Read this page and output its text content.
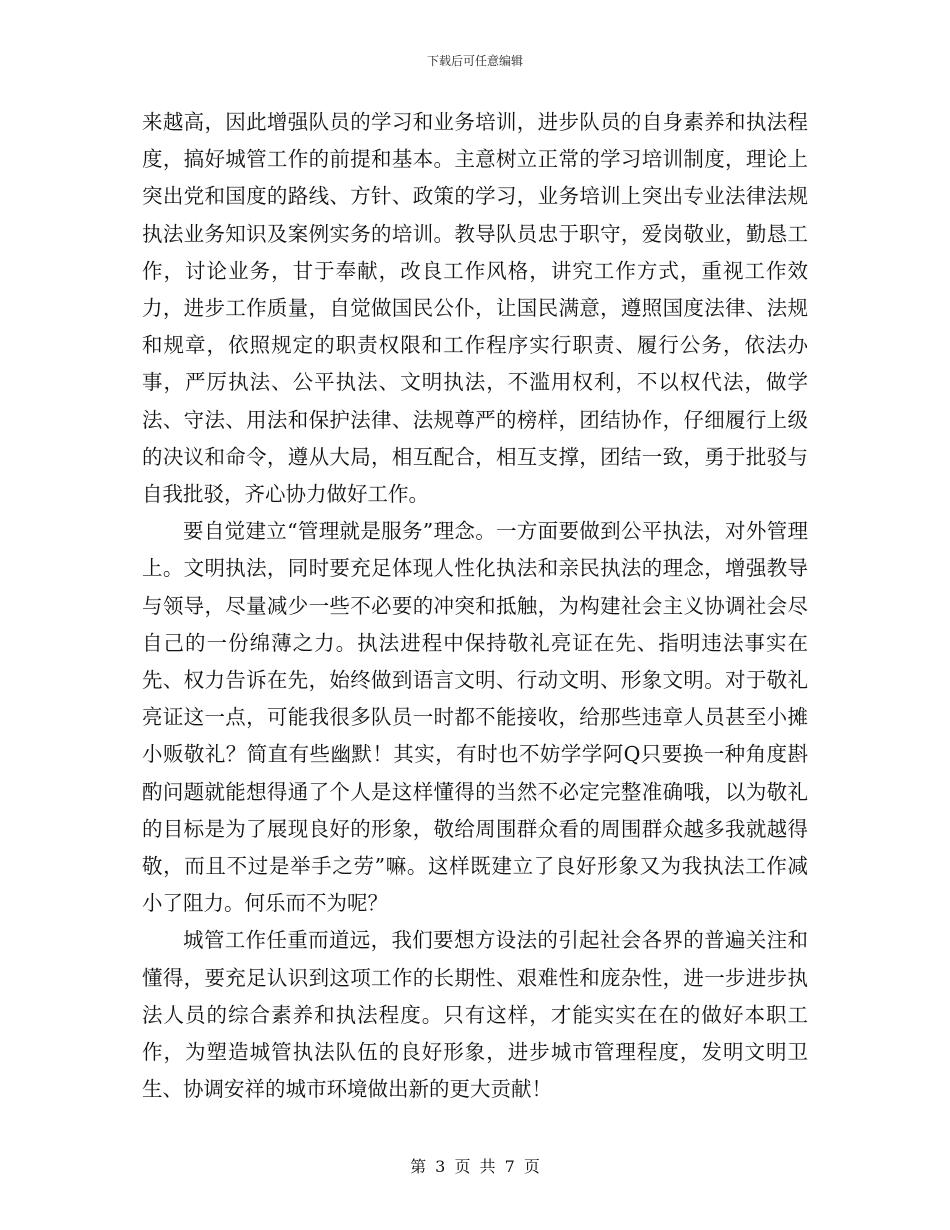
下载后可任意编辑

来越高，因此增强队员的学习和业务培训，进步队员的自身素养和执法程度，搞好城管工作的前提和基本。主意树立正常的学习培训制度，理论上突出党和国度的路线、方针、政策的学习，业务培训上突出专业法律法规执法业务知识及案例实务的培训。教导队员忠于职守，爱岗敬业，勤恳工作，讨论业务，甘于奉献，改良工作风格，讲究工作方式，重视工作效力，进步工作质量，自觉做国民公仆，让国民满意，遵照国度法律、法规和规章，依照规定的职责权限和工作程序实行职责、履行公务，依法办事，严厉执法、公平执法、文明执法，不滥用权利，不以权代法，做学法、守法、用法和保护法律、法规尊严的榜样，团结协作，仔细履行上级的决议和命令，遵从大局，相互配合，相互支撑，团结一致，勇于批驳与自我批驳，齐心协力做好工作。

要自觉建立“管理就是服务”理念。一方面要做到公平执法，对外管理上。文明执法，同时要充足体现人性化执法和亲民执法的理念，增强教导与领导，尽量减少一些不必要的冲突和抵触，为构建社会主义协调社会尽自己的一份绵薄之力。执法进程中保持敬礼亮证在先、指明违法事实在先、权力告诉在先，始终做到语言文明、行动文明、形象文明。对于敬礼亮证这一点，可能我很多队员一时都不能接收，给那些违章人员甚至小摊小贩敬礼？简直有些幽默！其实，有时也不妨学学阿Q只要换一种角度斟酌问题就能想得通了个人是这样懂得的当然不必定完整准确哦，以为敬礼的目标是为了展现良好的形象，敬给周围群众看的周围群众越多我就越得敬，而且不过是举手之劳”嘛。这样既建立了良好形象又为我执法工作减小了阻力。何乐而不为呢？

城管工作任重而道远，我们要想方设法的引起社会各界的普遍关注和懂得，要充足认识到这项工作的长期性、艰难性和庞杂性，进一步进步执法人员的综合素养和执法程度。只有这样，才能实实在在的做好本职工作，为塑造城管执法队伍的良好形象，进步城市管理程度，发明文明卫生、协调安祥的城市环境做出新的更大贡献！

第 3 页 共 7 页
